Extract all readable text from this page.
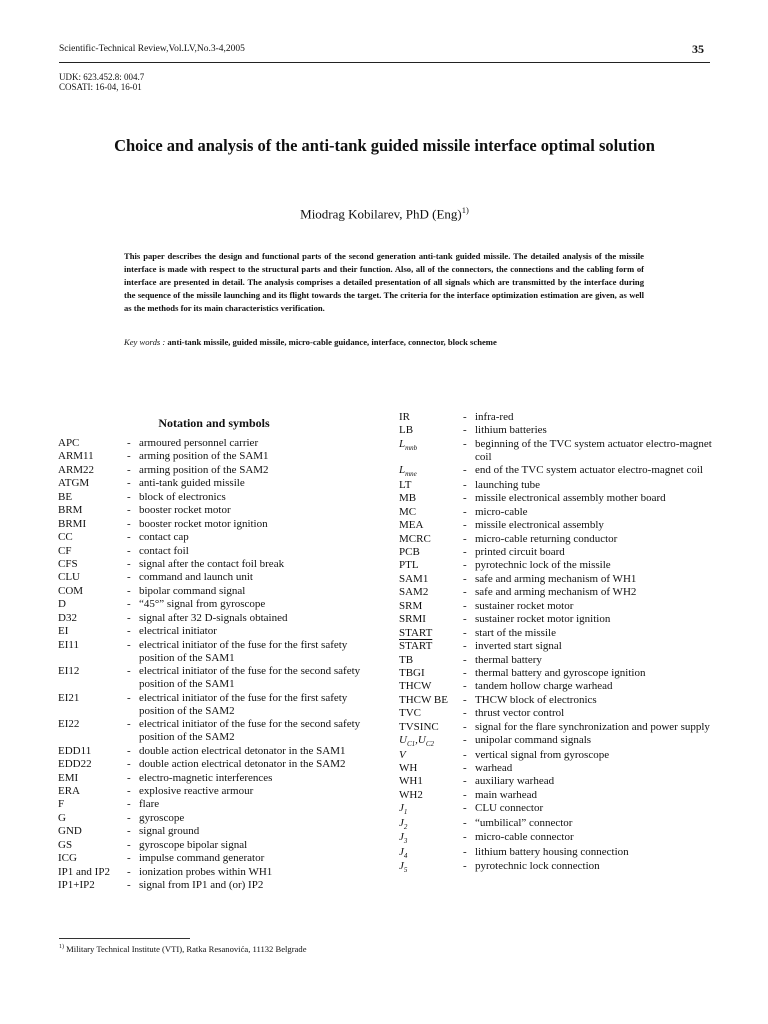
Scientific-Technical Review,Vol.LV,No.3-4,2005	35
UDK: 623.452.8: 004.7
COSATI: 16-04, 16-01
Choice and analysis of the anti-tank guided missile interface optimal solution
Miodrag Kobilarev, PhD (Eng)$^{1)}$
This paper describes the design and functional parts of the second generation anti-tank guided missile. The detailed analysis of the missile interface is made with respect to the structural parts and their function. Also, all of the connectors, the connections and the cabling form of interface are presented in detail. The analysis comprises a detailed presentation of all signals which are transmitted by the interface during the sequence of the missile launching and its flight towards the target. The criteria for the interface optimization estimation are given, as well as the methods for its main characteristics verification.
Key words : anti-tank missile, guided missile, micro-cable guidance, interface, connector, block scheme
Notation and symbols
APC	- armoured personnel carrier
ARM11	- arming position of the SAM1
ARM22	- arming position of the SAM2
ATGM	- anti-tank guided missile
BE	- block of electronics
BRM	- booster rocket motor
BRMI	- booster rocket motor ignition
CC	- contact cap
CF	- contact foil
CFS	- signal after the contact foil break
CLU	- command and launch unit
COM	- bipolar command signal
D	- “45°” signal from gyroscope
D32	- signal after 32 D-signals obtained
EI	- electrical initiator
EI11	- electrical initiator of the fuse for the first safety position of the SAM1
EI12	- electrical initiator of the fuse for the second safety position of the SAM1
EI21	- electrical initiator of the fuse for the first safety position of the SAM2
EI22	- electrical initiator of the fuse for the second safety position of the SAM2
EDD11	- double action electrical detonator in the SAM1
EDD22	- double action electrical detonator in the SAM2
EMI	- electro-magnetic interferences
ERA	- explosive reactive armour
F	- flare
G	- gyroscope
GND	- signal ground
GS	- gyroscope bipolar signal
ICG	- impulse command generator
IP1 and IP2	- ionization probes within WH1
IP1+IP2	- signal from IP1 and (or) IP2
IR	- infra-red
LB	- lithium batteries
$L_{mnb}$	- beginning of the TVC system actuator electro-magnet coil
$L_{mne}$	- end of the TVC system actuator electro-magnet coil
LT	- launching tube
MB	- missile electronical assembly mother board
MC	- micro-cable
MEA	- missile electronical assembly
MCRC	- micro-cable returning conductor
PCB	- printed circuit board
PTL	- pyrotechnic lock of the missile
SAM1	- safe and arming mechanism of WH1
SAM2	- safe and arming mechanism of WH2
SRM	- sustainer rocket motor
SRMI	- sustainer rocket motor ignition
START	- start of the missile
START	- inverted start signal
TB	- thermal battery
TBGI	- thermal battery and gyroscope ignition
THCW	- tandem hollow charge warhead
THCW BE	- THCW block of electronics
TVC	- thrust vector control
TVSINC	- signal for the flare synchronization and power supply
$U_{C1},U_{C2}$	- unipolar command signals
V	- vertical signal from gyroscope
WH	- warhead
WH1	- auxiliary warhead
WH2	- main warhead
$J_1$	- CLU connector
$J_2$	- “umbilical” connector
$J_3$	- micro-cable connector
$J_4$	- lithium battery housing connection
$J_5$	- pyrotechnic lock connection
$^{1)}$ Military Technical Institute (VTI), Ratka Resanovića, 11132 Belgrade
